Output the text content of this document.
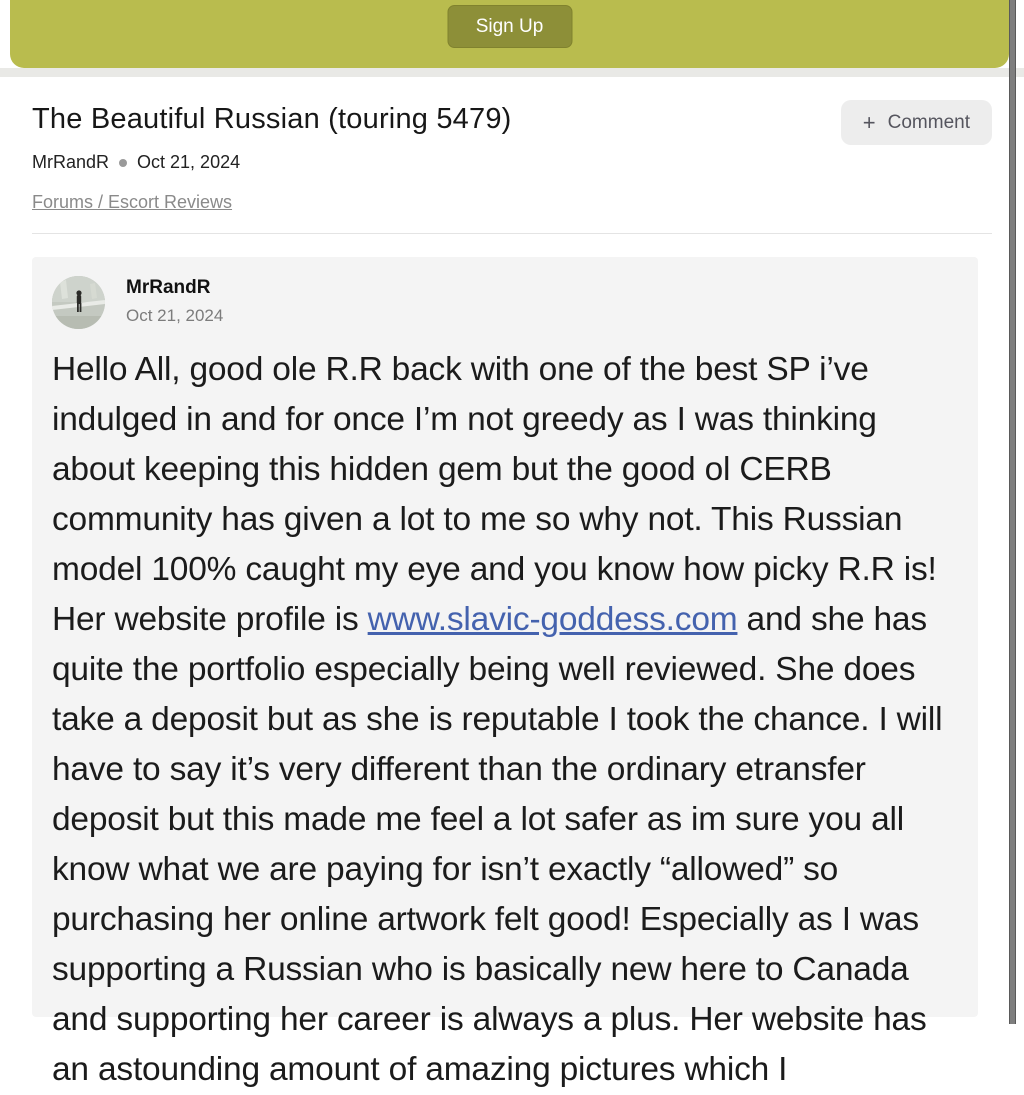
Sign Up
The Beautiful Russian (touring 5479)	+ Comment
MrRandR Oct 21, 2024
Forums / Escort Reviews
MrRandR
Oct 21, 2024
Hello All, good ole R.R back with one of the best SP i’ve indulged in and for once I’m not greedy as I was thinking about keeping this hidden gem but the good ol CERB community has given a lot to me so why not. This Russian model 100% caught my eye and you know how picky R.R is! Her website profile is www.slavic-goddess.com and she has quite the portfolio especially being well reviewed. She does take a deposit but as she is reputable I took the chance. I will have to say it’s very different than the ordinary etransfer deposit but this made me feel a lot safer as im sure you all know what we are paying for isn’t exactly “allowed” so purchasing her online artwork felt good! Especially as I was supporting a Russian who is basically new here to Canada and supporting her career is always a plus. Her website has an astounding amount of amazing pictures which I
